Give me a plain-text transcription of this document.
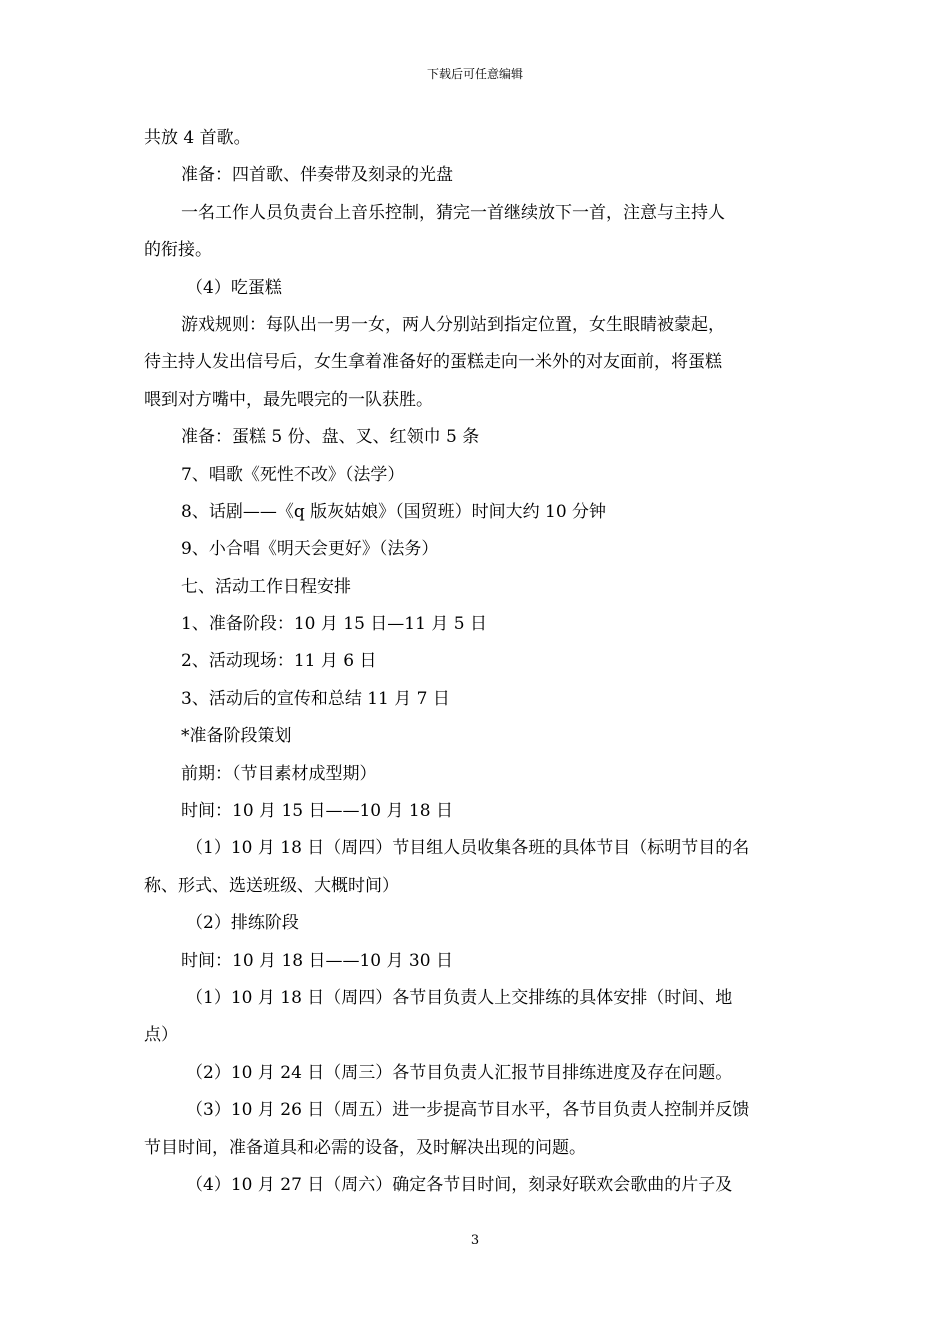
下载后可任意编辑
共放 4 首歌。
准备：四首歌、伴奏带及刻录的光盘
一名工作人员负责台上音乐控制，猜完一首继续放下一首，注意与主持人
的衔接。
（4）吃蛋糕
游戏规则：每队出一男一女，两人分别站到指定位置，女生眼睛被蒙起，
待主持人发出信号后，女生拿着准备好的蛋糕走向一米外的对友面前，将蛋糕
喂到对方嘴中，最先喂完的一队获胜。
准备：蛋糕 5 份、盘、叉、红领巾 5 条
7、唱歌《死性不改》（法学）
8、话剧——《q 版灰姑娘》（国贸班）时间大约 10 分钟
9、小合唱《明天会更好》（法务）
七、活动工作日程安排
1、准备阶段：10 月 15 日—11 月 5 日
2、活动现场：11 月 6 日
3、活动后的宣传和总结 11 月 7 日
*准备阶段策划
前期：（节目素材成型期）
时间：10 月 15 日——10 月 18 日
（1）10 月 18 日（周四）节目组人员收集各班的具体节目（标明节目的名
称、形式、选送班级、大概时间）
（2）排练阶段
时间：10 月 18 日——10 月 30 日
（1）10 月 18 日（周四）各节目负责人上交排练的具体安排（时间、地
点）
（2）10 月 24 日（周三）各节目负责人汇报节目排练进度及存在问题。
（3）10 月 26 日（周五）进一步提高节目水平，各节目负责人控制并反馈
节目时间，准备道具和必需的设备，及时解决出现的问题。
（4）10 月 27 日（周六）确定各节目时间，刻录好联欢会歌曲的片子及
3
